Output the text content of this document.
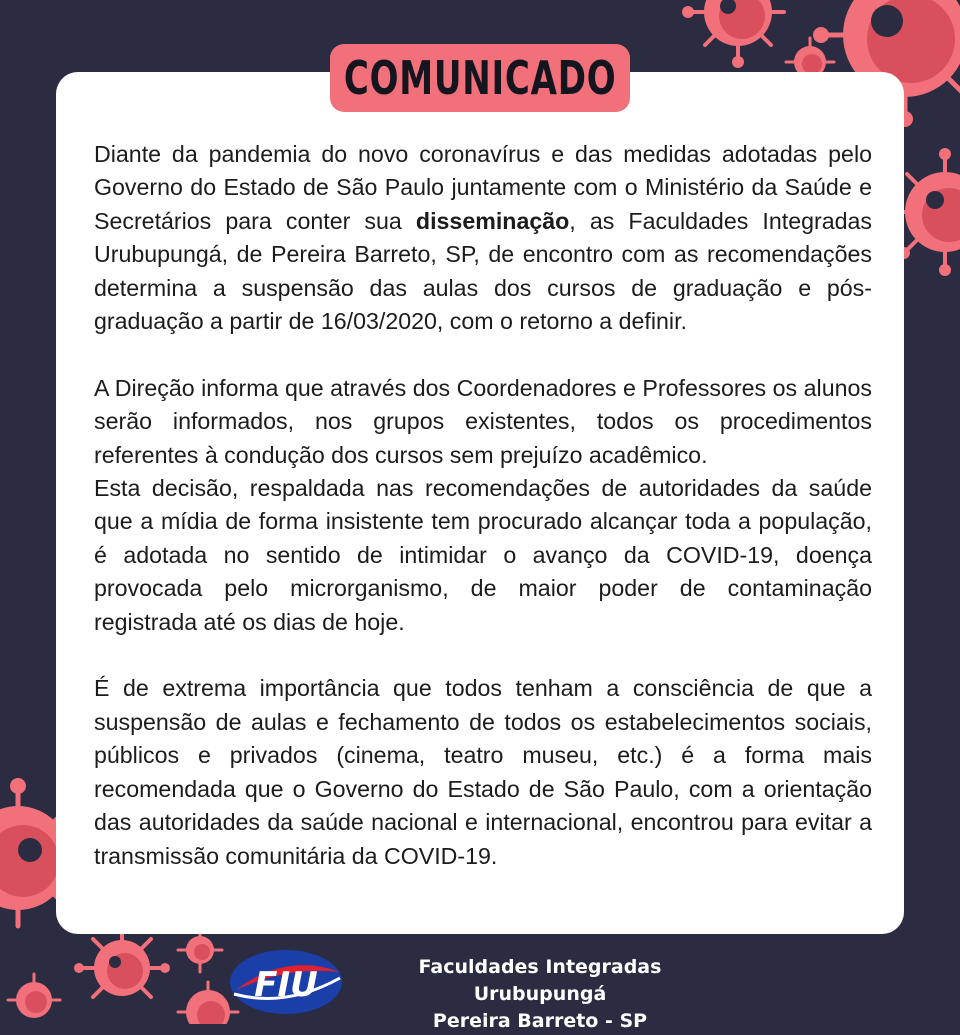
COMUNICADO

Diante da pandemia do novo coronavírus e das medidas adotadas pelo Governo do Estado de São Paulo juntamente com o Ministério da Saúde e Secretários para conter sua disseminação, as Faculdades Integradas Urubupungá, de Pereira Barreto, SP, de encontro com as recomendações determina a suspensão das aulas dos cursos de graduação e pós-graduação a partir de 16/03/2020, com o retorno a definir.

A Direção informa que através dos Coordenadores e Professores os alunos serão informados, nos grupos existentes, todos os procedimentos referentes à condução dos cursos sem prejuízo acadêmico.

Esta decisão, respaldada nas recomendações de autoridades da saúde que a mídia de forma insistente tem procurado alcançar toda a população, é adotada no sentido de intimidar o avanço da COVID-19, doença provocada pelo microrganismo, de maior poder de contaminação registrada até os dias de hoje.

É de extrema importância que todos tenham a consciência de que a suspensão de aulas e fechamento de todos os estabelecimentos sociais, públicos e privados (cinema, teatro museu, etc.) é a forma mais recomendada que o Governo do Estado de São Paulo, com a orientação das autoridades da saúde nacional e internacional, encontrou para evitar a transmissão comunitária da COVID-19.

FIU	Faculdades Integradas Urubupungá
Pereira Barreto - SP
